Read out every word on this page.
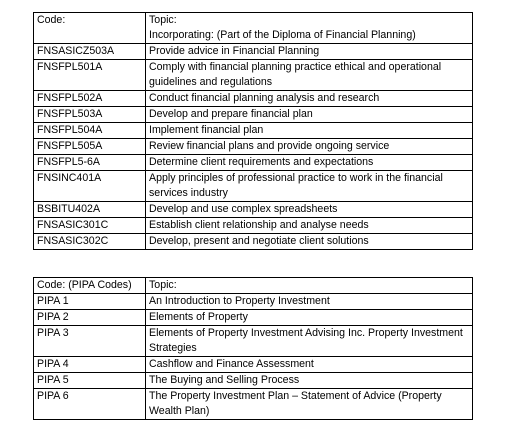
Code:	Topic:
Incorporating: (Part of the Diploma of Financial Planning)

FNSASICZ503A	Provide advice in Financial Planning
FNSFPL501A	Comply with financial planning practice ethical and operational guidelines and regulations
FNSFPL502A	Conduct financial planning analysis and research
FNSFPL503A	Develop and prepare financial plan
FNSFPL504A	Implement financial plan
FNSFPL505A	Review financial plans and provide ongoing service
FNSFPL5-6A	Determine client requirements and expectations
FNSINC401A	Apply principles of professional practice to work in the financial services industry
BSBITU402A	Develop and use complex spreadsheets
FNSASIC301C	Establish client relationship and analyse needs
FNSASIC302C	Develop, present and negotiate client solutions
Code: (PIPA Codes)	Topic:
PIPA 1	An Introduction to Property Investment
PIPA 2	Elements of Property
PIPA 3	Elements of Property Investment Advising Inc. Property Investment Strategies
PIPA 4	Cashflow and Finance Assessment
PIPA 5	The Buying and Selling Process
PIPA 6	The Property Investment Plan – Statement of Advice (Property Wealth Plan)
